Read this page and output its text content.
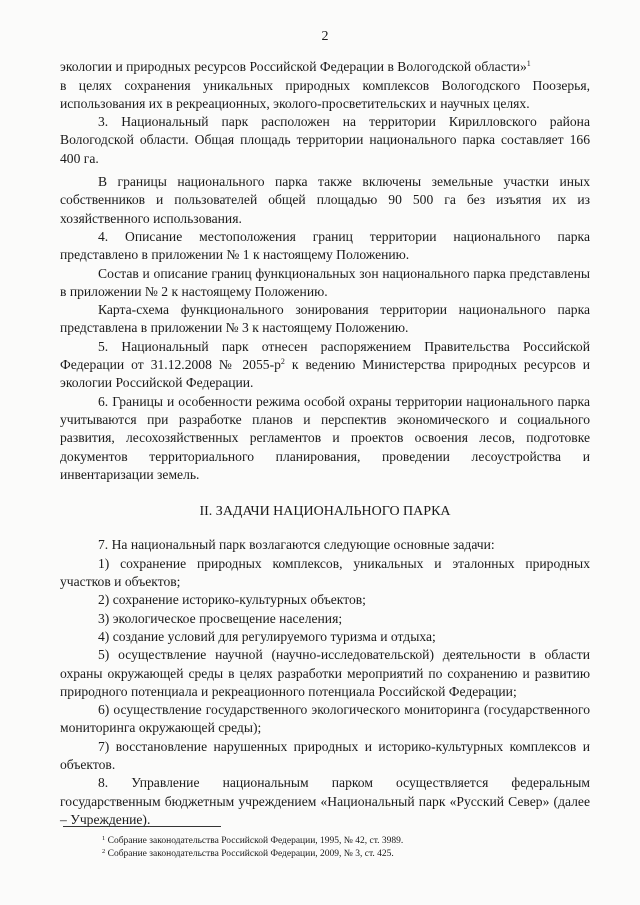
2

экологии и природных ресурсов Российской Федерации в Вологодской области»$^1$

в целях сохранения уникальных природных комплексов Вологодского Поозерья, использования их в рекреационных, эколого-просветительских и научных целях.

3. Национальный парк расположен на территории Кирилловского района Вологодской области. Общая площадь территории национального парка составляет 166 400 га.

В границы национального парка также включены земельные участки иных собственников и пользователей общей площадью 90 500 га без изъятия их из хозяйственного использования.

4. Описание местоположения границ территории национального парка представлено в приложении № 1 к настоящему Положению.

Состав и описание границ функциональных зон национального парка представлены в приложении № 2 к настоящему Положению.

Карта-схема функционального зонирования территории национального парка представлена в приложении № 3 к настоящему Положению.

5. Национальный парк отнесен распоряжением Правительства Российской Федерации от 31.12.2008 № $2055-р^2$ к ведению Министерства природных ресурсов и экологии Российской Федерации.

6. Границы и особенности режима особой охраны территории национального парка учитываются при разработке планов и перспектив экономического и социального развития, лесохозяйственных регламентов и проектов освоения лесов, подготовке документов территориального планирования, проведении лесоустройства и инвентаризации земель.

II. ЗАДАЧИ НАЦИОНАЛЬНОГО ПАРКА

7. На национальный парк возлагаются следующие основные задачи:

1) сохранение природных комплексов, уникальных и эталонных природных участков и объектов;

2) сохранение историко-культурных объектов;

3) экологическое просвещение населения;

4) создание условий для регулируемого туризма и отдыха;

5) осуществление научной (научно-исследовательской) деятельности в области охраны окружающей среды в целях разработки мероприятий по сохранению и развитию природного потенциала и рекреационного потенциала Российской Федерации;

6) осуществление государственного экологического мониторинга (государственного мониторинга окружающей среды);

7) восстановление нарушенных природных и историко-культурных комплексов и объектов.

8. Управление национальным парком осуществляется федеральным государственным бюджетным учреждением «Национальный парк «Русский Север» (далее – Учреждение).

$^1$ Собрание законодательства Российской Федерации, 1995, № 42, ст. 3989.
$^2$ Собрание законодательства Российской Федерации, 2009, № 3, ст. 425.
